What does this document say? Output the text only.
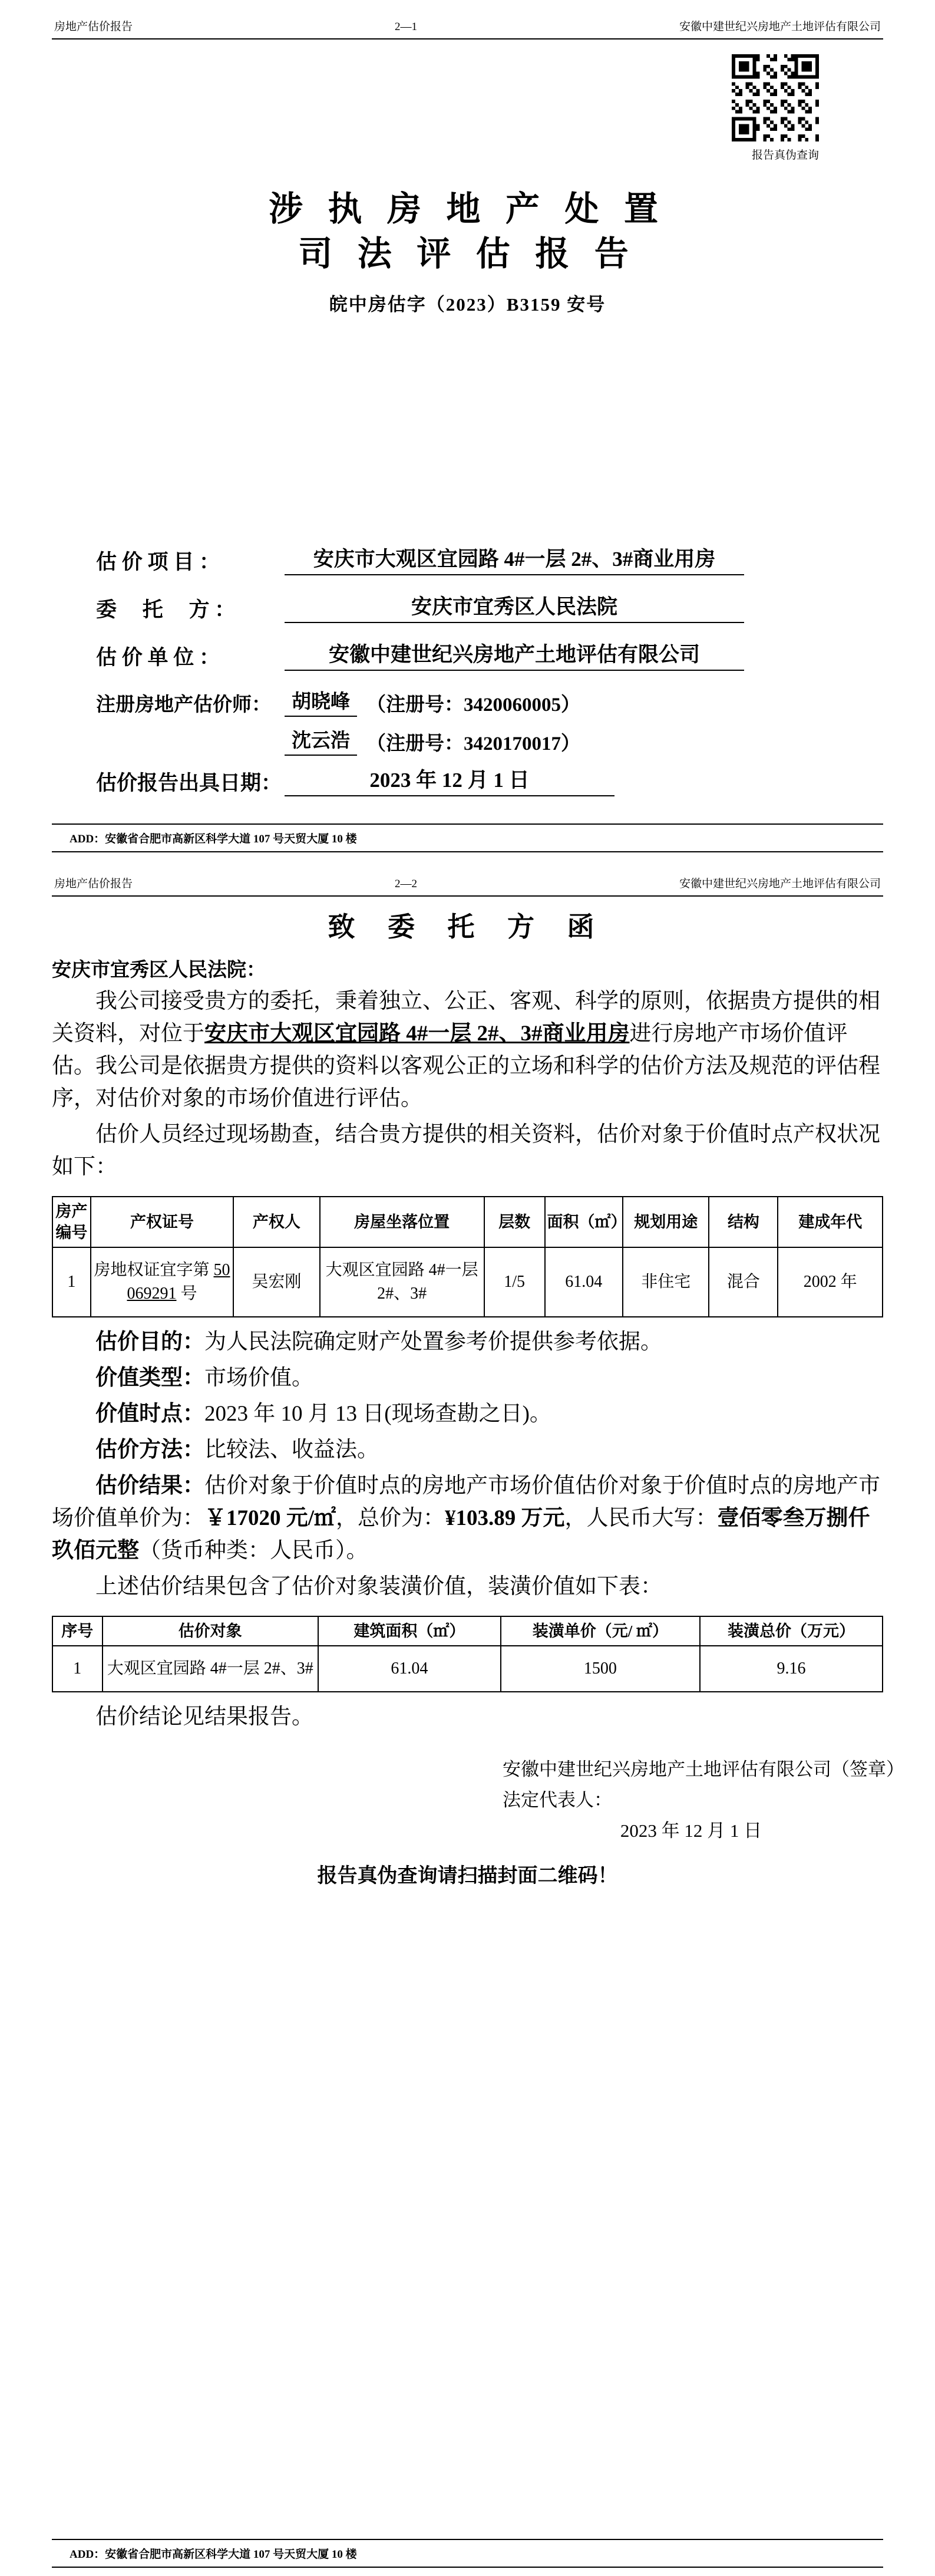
房地产估价报告	2—1	安徽中建世纪兴房地产土地评估有限公司
报告真伪查询
涉 执 房 地 产 处 置
司 法 评 估 报 告
皖中房估字（2023）B3159 安号
估 价 项 目 ：	安庆市大观区宜园路 4#一层 2#、3#商业用房
委　 托 　方 ：	安庆市宜秀区人民法院
估 价 单 位 ：	安徽中建世纪兴房地产土地评估有限公司
注册房地产估价师：	胡晓峰 （注册号：3420060005）
沈云浩 （注册号：3420170017）
估价报告出具日期：	2023 年 12 月 1 日
ADD：安徽省合肥市高新区科学大道 107 号天贸大厦 10 楼
房地产估价报告	2—2	安徽中建世纪兴房地产土地评估有限公司
致 委 托 方 函
安庆市宜秀区人民法院：

我公司接受贵方的委托，秉着独立、公正、客观、科学的原则，依据贵方提供的相关资料，对位于安庆市大观区宜园路 4#一层 2#、3#商业用房进行房地产市场价值评估。我公司是依据贵方提供的资料以客观公正的立场和科学的估价方法及规范的评估程序，对估价对象的市场价值进行评估。

估价人员经过现场勘查，结合贵方提供的相关资料，估价对象于价值时点产权状况如下：

房产编号	产权证号	产权人	房屋坐落位置	层数	面积（㎡）	规划用途	结构	建成年代
1	房地权证宜字第 50069291 号	吴宏刚	大观区宜园路 4#一层 2#、3#	1/5	61.04	非住宅	混合	2002 年

估价目的：为人民法院确定财产处置参考价提供参考依据。

价值类型：市场价值。

价值时点：2023 年 10 月 13 日(现场查勘之日)。

估价方法：比较法、收益法。

估价结果：估价对象于价值时点的房地产市场价值估价对象于价值时点的房地产市场价值单价为：￥17020 元/㎡，总价为：¥103.89 万元，人民币大写：壹佰零叁万捌仟玖佰元整（货币种类：人民币）。

上述估价结果包含了估价对象装潢价值，装潢价值如下表：

序号	估价对象	建筑面积（㎡）	装潢单价（元/ ㎡）	装潢总价（万元）
1	大观区宜园路 4#一层 2#、3#	61.04	1500	9.16

估价结论见结果报告。

安徽中建世纪兴房地产土地评估有限公司（签章）
法定代表人：
2023 年 12 月 1 日
报告真伪查询请扫描封面二维码！
ADD：安徽省合肥市高新区科学大道 107 号天贸大厦 10 楼
